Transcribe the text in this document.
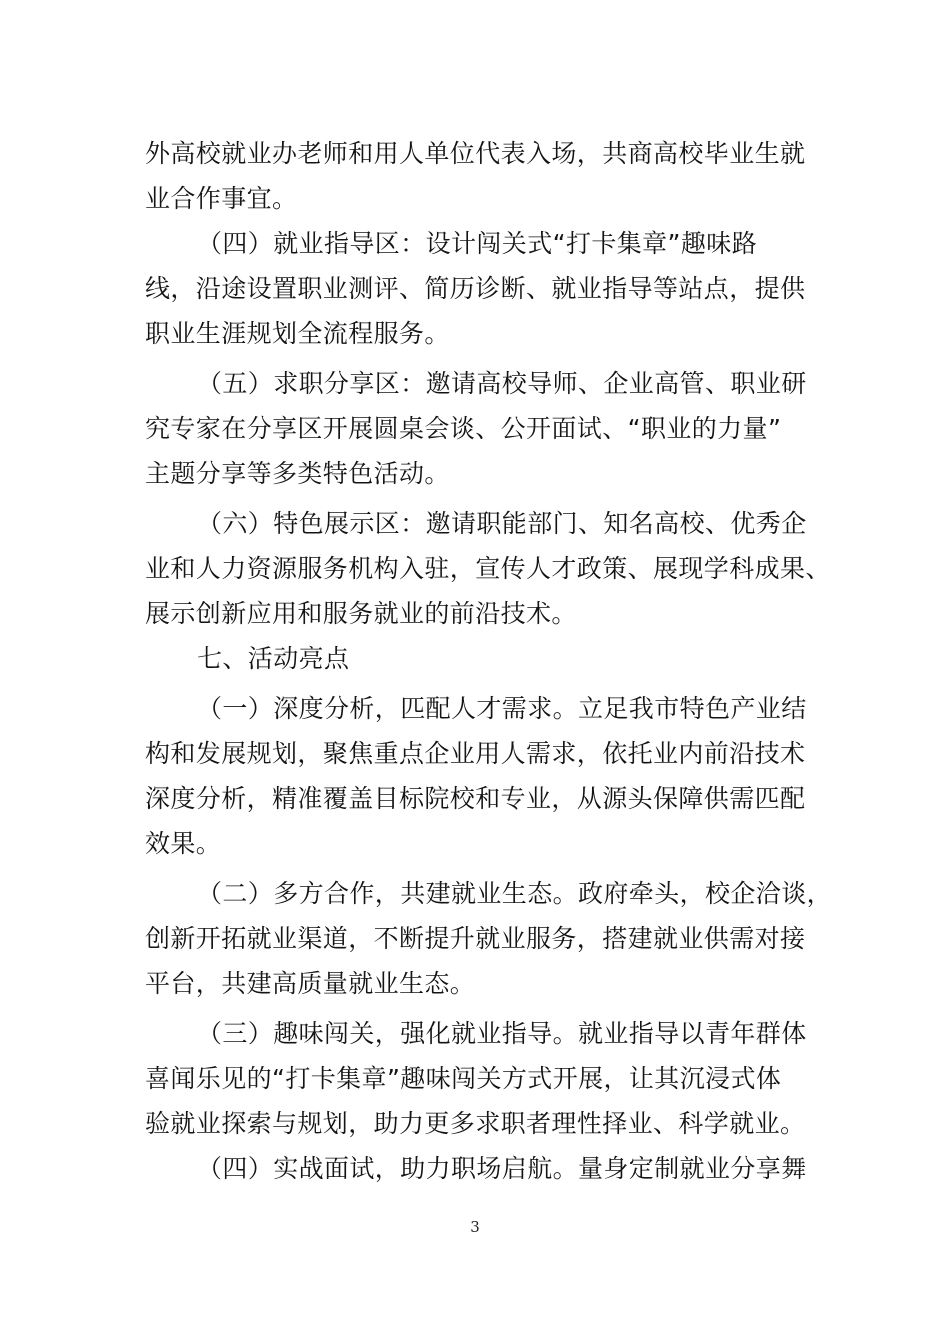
外高校就业办老师和用人单位代表入场，共商高校毕业生就
业合作事宜。
（四）就业指导区：设计闯关式“打卡集章”趣味路
线，沿途设置职业测评、简历诊断、就业指导等站点，提供
职业生涯规划全流程服务。
（五）求职分享区：邀请高校导师、企业高管、职业研
究专家在分享区开展圆桌会谈、公开面试、“职业的力量”
主题分享等多类特色活动。
（六）特色展示区：邀请职能部门、知名高校、优秀企
业和人力资源服务机构入驻，宣传人才政策、展现学科成果、
展示创新应用和服务就业的前沿技术。
七、活动亮点
（一）深度分析，匹配人才需求。立足我市特色产业结
构和发展规划，聚焦重点企业用人需求，依托业内前沿技术
深度分析，精准覆盖目标院校和专业，从源头保障供需匹配
效果。
（二）多方合作，共建就业生态。政府牵头，校企洽谈，
创新开拓就业渠道，不断提升就业服务，搭建就业供需对接
平台，共建高质量就业生态。
（三）趣味闯关，强化就业指导。就业指导以青年群体
喜闻乐见的“打卡集章”趣味闯关方式开展，让其沉浸式体
验就业探索与规划，助力更多求职者理性择业、科学就业。
（四）实战面试，助力职场启航。量身定制就业分享舞
3
